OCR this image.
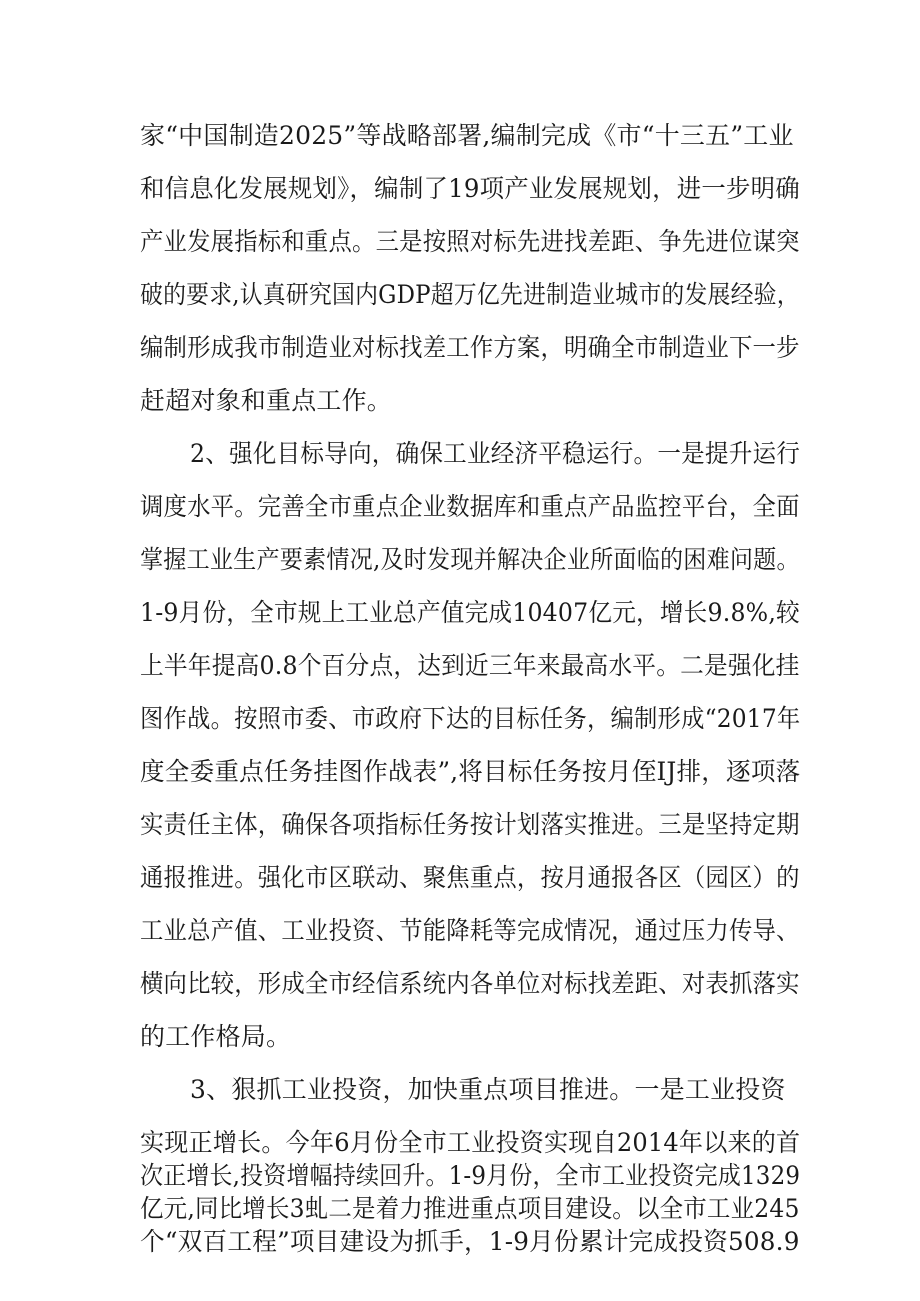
家“中国制造2025”等战略部署,编制完成《市“十三五”工业
和信息化发展规划》，编制了19项产业发展规划，进一步明确
产业发展指标和重点。三是按照对标先进找差距、争先进位谋突
破的要求,认真研究国内GDP超万亿先进制造业城市的发展经验，
编制形成我市制造业对标找差工作方案，明确全市制造业下一步
赶超对象和重点工作。
2、强化目标导向，确保工业经济平稳运行。一是提升运行
调度水平。完善全市重点企业数据库和重点产品监控平台，全面
掌握工业生产要素情况,及时发现并解决企业所面临的困难问题。
1-9月份，全市规上工业总产值完成10407亿元，增长9.8%,较
上半年提高0.8个百分点，达到近三年来最高水平。二是强化挂
图作战。按照市委、市政府下达的目标任务，编制形成“2017年
度全委重点任务挂图作战表”,将目标任务按月侄IJ排，逐项落
实责任主体，确保各项指标任务按计划落实推进。三是坚持定期
通报推进。强化市区联动、聚焦重点，按月通报各区（园区）的
工业总产值、工业投资、节能降耗等完成情况，通过压力传导、
横向比较，形成全市经信系统内各单位对标找差距、对表抓落实
的工作格局。
3、狠抓工业投资，加快重点项目推进。一是工业投资
实现正增长。今年6月份全市工业投资实现自2014年以来的首
次正增长,投资增幅持续回升。1-9月份，全市工业投资完成1329
亿元,同比增长3虬二是着力推进重点项目建设。以全市工业245
个“双百工程”项目建设为抓手，1-9月份累计完成投资508.9
